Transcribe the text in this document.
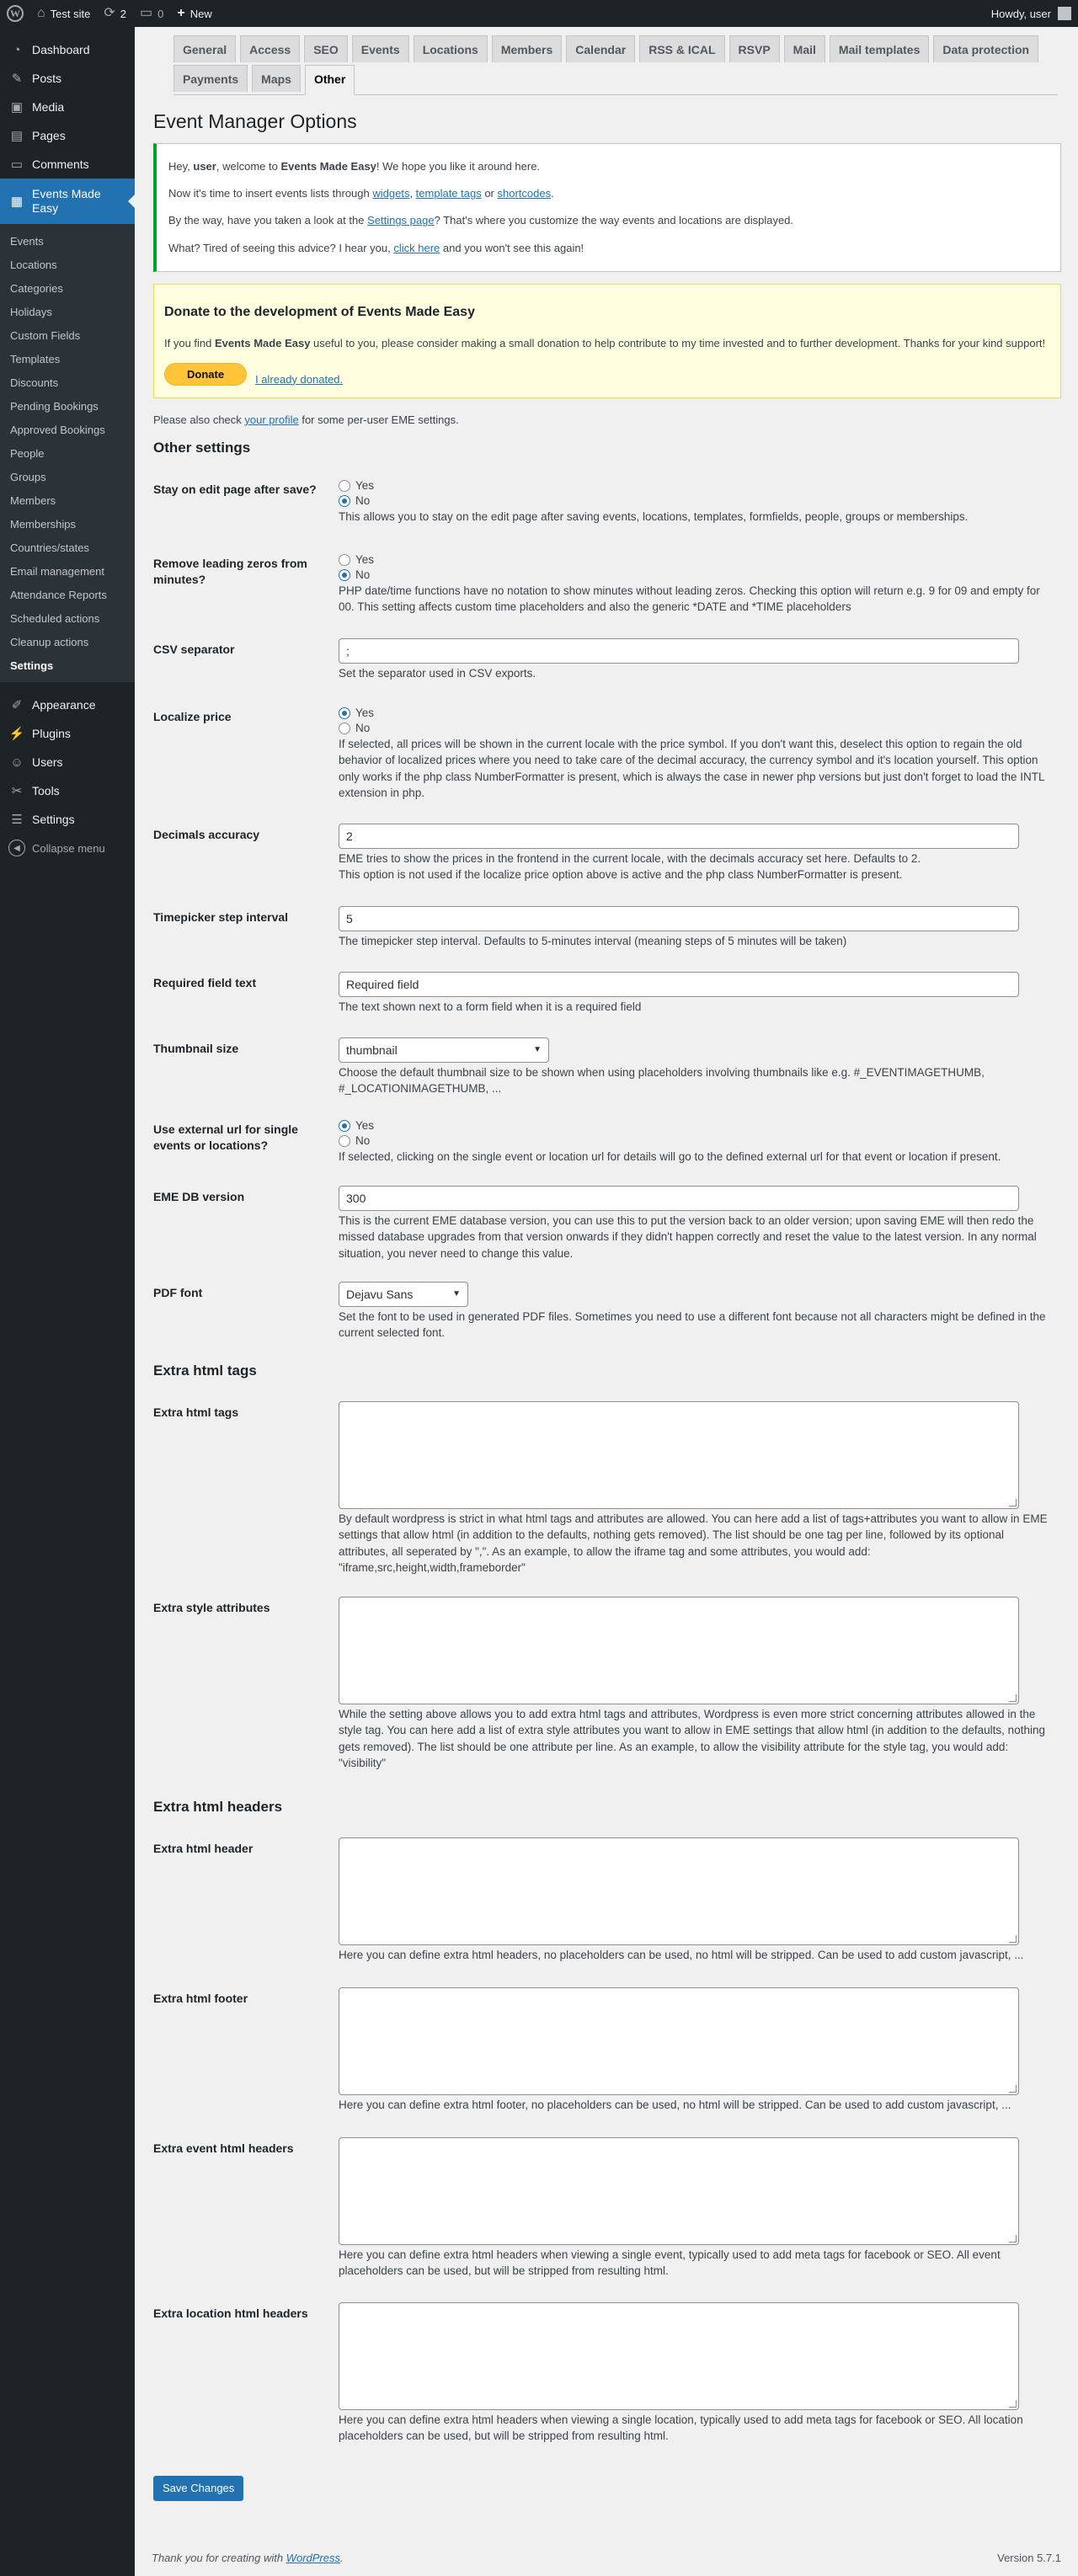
W ⌂ Test site ⟳ 2 ▭ 0 + New	Howdy, user
◔ Dashboard
✎ Posts
▣ Media
▤ Pages
▭ Comments
▦
Events Made Easy
Events
Locations
Categories
Holidays
Custom Fields
Templates
Discounts
Pending Bookings
Approved Bookings
People
Groups
Members
Memberships
Countries/states
Email management
Attendance Reports
Scheduled actions
Cleanup actions
Settings
✐ Appearance
⚡ Plugins
☺ Users
✂ Tools
☰ Settings
◀	Collapse menu
General	Access	SEO	Events	Locations	Members	Calendar	RSS & ICAL	RSVP	Mail	Mail templates	Data protection
Payments	Maps	Other
Event Manager Options

Hey, user, welcome to Events Made Easy! We hope you like it around here.

Now it's time to insert events lists through widgets, template tags or shortcodes.

By the way, have you taken a look at the Settings page? That's where you customize the way events and locations are displayed.

What? Tired of seeing this advice? I hear you, click here and you won't see this again!

Donate to the development of Events Made Easy

If you find Events Made Easy useful to you, please consider making a small donation to help contribute to my time invested and to further development. Thanks for your kind support!

Donate	I already donated.

Please also check your profile for some per-user EME settings.

Other settings
Stay on edit page after save?	Yes
No
This allows you to stay on the edit page after saving events, locations, templates, formfields, people, groups or memberships.
Remove leading zeros from minutes?
Yes
No
PHP date/time functions have no notation to show minutes without leading zeros. Checking this option will return e.g. 9 for 09 and empty for 00. This setting affects custom time placeholders and also the generic *DATE and *TIME placeholders
CSV separator	;
Set the separator used in CSV exports.
Localize price	Yes
No
If selected, all prices will be shown in the current locale with the price symbol. If you don't want this, deselect this option to regain the old behavior of localized prices where you need to take care of the decimal accuracy, the currency symbol and it's location yourself. This option only works if the php class NumberFormatter is present, which is always the case in newer php versions but just don't forget to load the INTL extension in php.
Decimals accuracy	2
EME tries to show the prices in the frontend in the current locale, with the decimals accuracy set here. Defaults to 2.
This option is not used if the localize price option above is active and the php class NumberFormatter is present.
Timepicker step interval	5
The timepicker step interval. Defaults to 5-minutes interval (meaning steps of 5 minutes will be taken)
Required field text	Required field
The text shown next to a form field when it is a required field
Thumbnail size	thumbnail	▼
Choose the default thumbnail size to be shown when using placeholders involving thumbnails like e.g. #_EVENTIMAGETHUMB, #_LOCATIONIMAGETHUMB, ...
Use external url for single events or locations?
Yes
No
If selected, clicking on the single event or location url for details will go to the defined external url for that event or location if present.
EME DB version	300
This is the current EME database version, you can use this to put the version back to an older version; upon saving EME will then redo the missed database upgrades from that version onwards if they didn't happen correctly and reset the value to the latest version. In any normal situation, you never need to change this value.
PDF font	Dejavu Sans	▼
Set the font to be used in generated PDF files. Sometimes you need to use a different font because not all characters might be defined in the current selected font.
Extra html tags
Extra html tags
By default wordpress is strict in what html tags and attributes are allowed. You can here add a list of tags+attributes you want to allow in EME settings that allow html (in addition to the defaults, nothing gets removed). The list should be one tag per line, followed by its optional attributes, all seperated by ",". As an example, to allow the iframe tag and some attributes, you would add: "iframe,src,height,width,frameborder"
Extra style attributes
While the setting above allows you to add extra html tags and attributes, Wordpress is even more strict concerning attributes allowed in the style tag. You can here add a list of extra style attributes you want to allow in EME settings that allow html (in addition to the defaults, nothing gets removed). The list should be one attribute per line. As an example, to allow the visibility attribute for the style tag, you would add: "visibility"
Extra html headers
Extra html header
Here you can define extra html headers, no placeholders can be used, no html will be stripped. Can be used to add custom javascript, ...
Extra html footer
Here you can define extra html footer, no placeholders can be used, no html will be stripped. Can be used to add custom javascript, ...
Extra event html headers
Here you can define extra html headers when viewing a single event, typically used to add meta tags for facebook or SEO. All event placeholders can be used, but will be stripped from resulting html.
Extra location html headers
Here you can define extra html headers when viewing a single location, typically used to add meta tags for facebook or SEO. All location placeholders can be used, but will be stripped from resulting html.
Save Changes
Thank you for creating with WordPress.	Version 5.7.1
